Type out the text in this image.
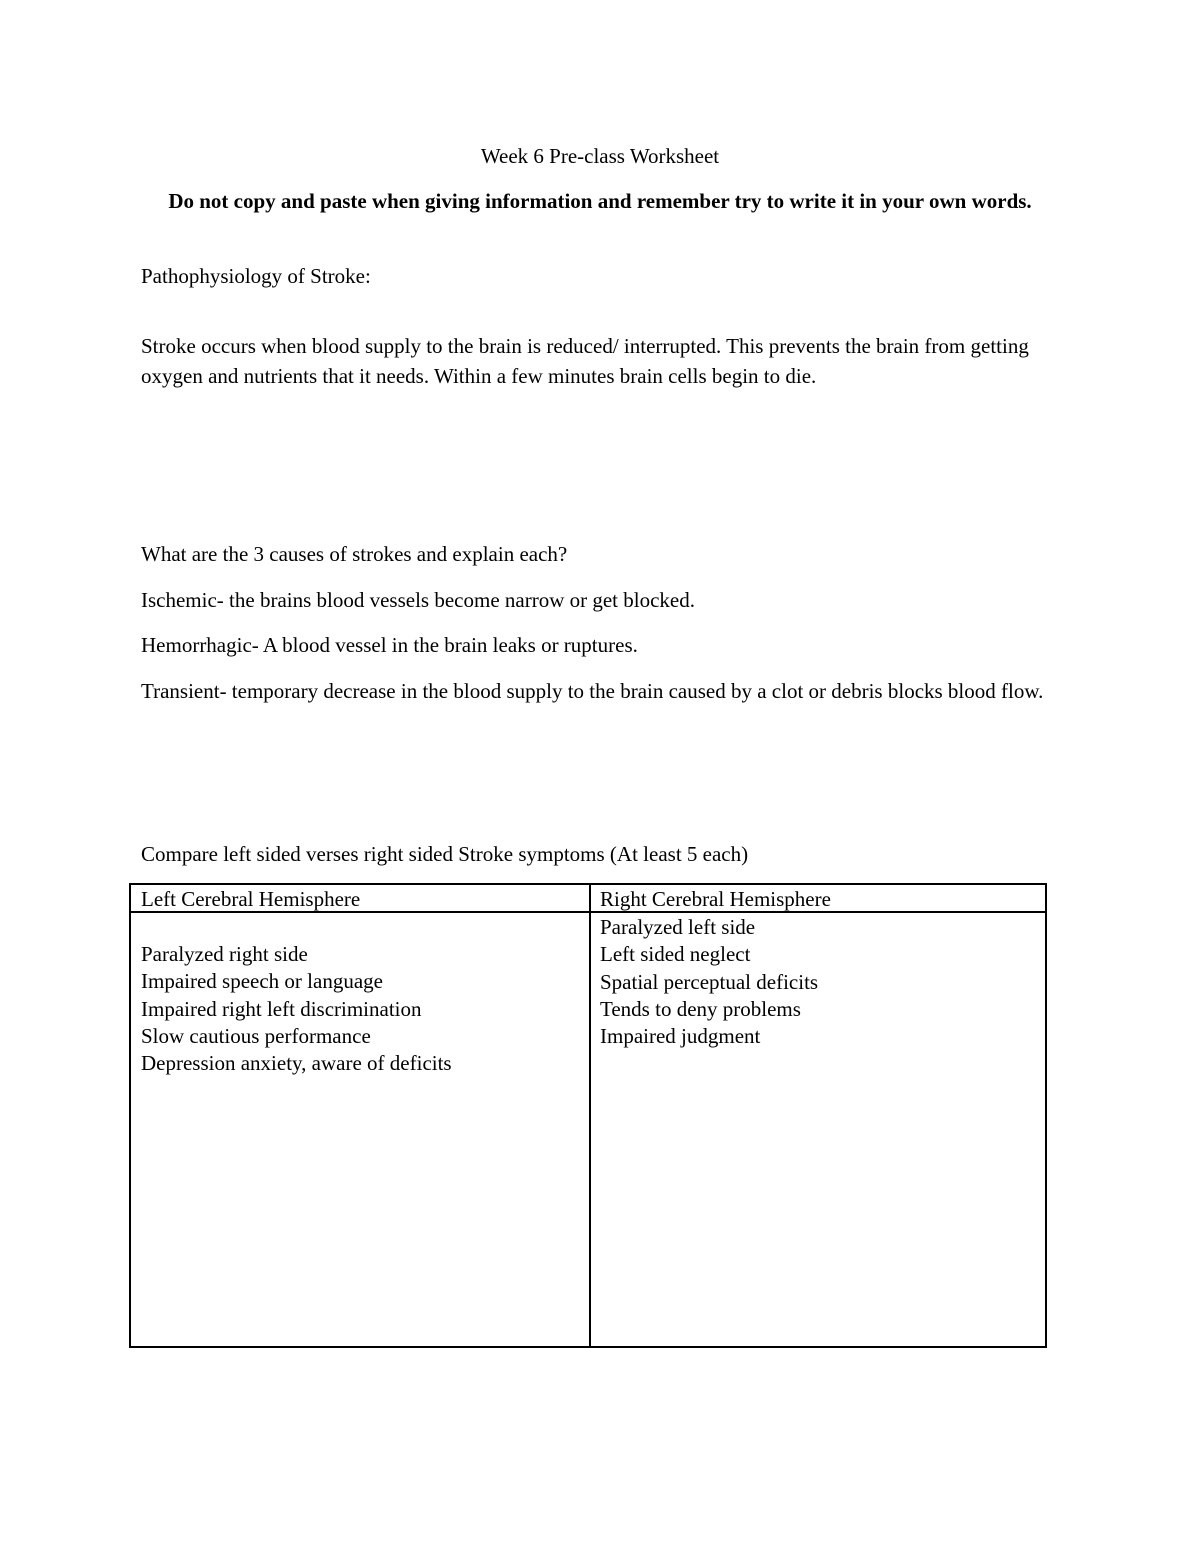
Week 6 Pre-class Worksheet
Do not copy and paste when giving information and remember try to write it in your own words.

Pathophysiology of Stroke:

Stroke occurs when blood supply to the brain is reduced/ interrupted. This prevents the brain from getting oxygen and nutrients that it needs. Within a few minutes brain cells begin to die.

What are the 3 causes of strokes and explain each?

Ischemic- the brains blood vessels become narrow or get blocked.

Hemorrhagic- A blood vessel in the brain leaks or ruptures.

Transient- temporary decrease in the blood supply to the brain caused by a clot or debris blocks blood flow.

Compare left sided verses right sided Stroke symptoms (At least 5 each)

Left Cerebral Hemisphere	Right Cerebral Hemisphere
Paralyzed right side
Impaired speech or language
Impaired right left discrimination
Slow cautious performance
Depression anxiety, aware of deficits
Paralyzed left side
Left sided neglect
Spatial perceptual deficits
Tends to deny problems
Impaired judgment
